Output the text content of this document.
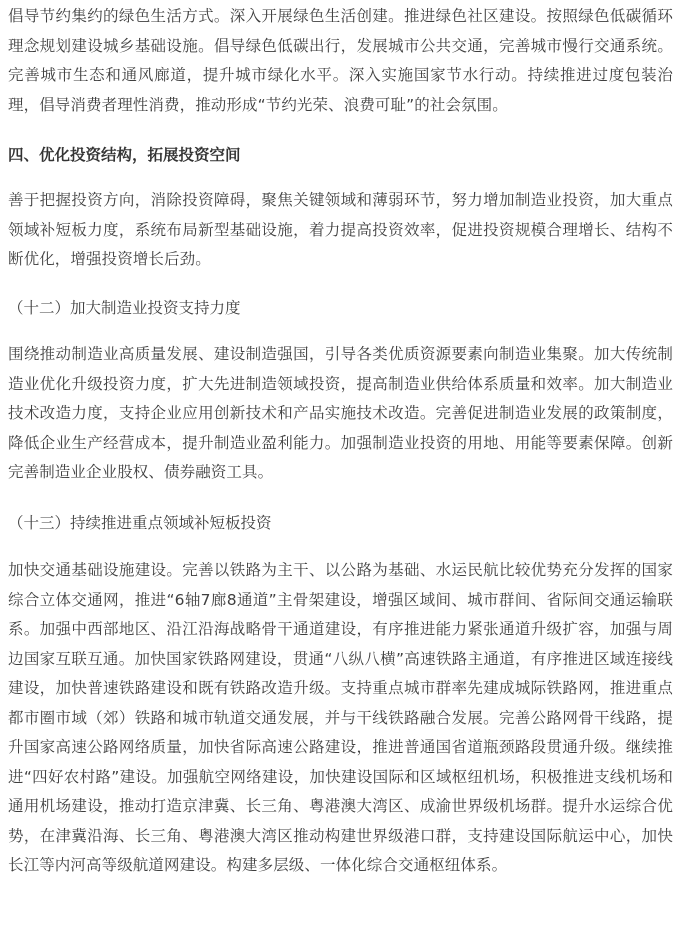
倡导节约集约的绿色生活方式。深入开展绿色生活创建。推进绿色社区建设。按照绿色低碳循环理念规划建设城乡基础设施。倡导绿色低碳出行，发展城市公共交通，完善城市慢行交通系统。完善城市生态和通风廊道，提升城市绿化水平。深入实施国家节水行动。持续推进过度包装治理，倡导消费者理性消费，推动形成“节约光荣、浪费可耻”的社会氛围。

四、优化投资结构，拓展投资空间

善于把握投资方向，消除投资障碍，聚焦关键领域和薄弱环节，努力增加制造业投资，加大重点领域补短板力度，系统布局新型基础设施，着力提高投资效率，促进投资规模合理增长、结构不断优化，增强投资增长后劲。

（十二）加大制造业投资支持力度

围绕推动制造业高质量发展、建设制造强国，引导各类优质资源要素向制造业集聚。加大传统制造业优化升级投资力度，扩大先进制造领域投资，提高制造业供给体系质量和效率。加大制造业技术改造力度，支持企业应用创新技术和产品实施技术改造。完善促进制造业发展的政策制度，降低企业生产经营成本，提升制造业盈利能力。加强制造业投资的用地、用能等要素保障。创新完善制造业企业股权、债券融资工具。

（十三）持续推进重点领域补短板投资

加快交通基础设施建设。完善以铁路为主干、以公路为基础、水运民航比较优势充分发挥的国家综合立体交通网，推进“6轴7廊8通道”主骨架建设，增强区域间、城市群间、省际间交通运输联系。加强中西部地区、沿江沿海战略骨干通道建设，有序推进能力紧张通道升级扩容，加强与周边国家互联互通。加快国家铁路网建设，贯通“八纵八横”高速铁路主通道，有序推进区域连接线建设，加快普速铁路建设和既有铁路改造升级。支持重点城市群率先建成城际铁路网，推进重点都市圈市域（郊）铁路和城市轨道交通发展，并与干线铁路融合发展。完善公路网骨干线路，提升国家高速公路网络质量，加快省际高速公路建设，推进普通国省道瓶颈路段贯通升级。继续推进“四好农村路”建设。加强航空网络建设，加快建设国际和区域枢纽机场，积极推进支线机场和通用机场建设，推动打造京津冀、长三角、粤港澳大湾区、成渝世界级机场群。提升水运综合优势，在津冀沿海、长三角、粤港澳大湾区推动构建世界级港口群，支持建设国际航运中心，加快长江等内河高等级航道网建设。构建多层级、一体化综合交通枢纽体系。
